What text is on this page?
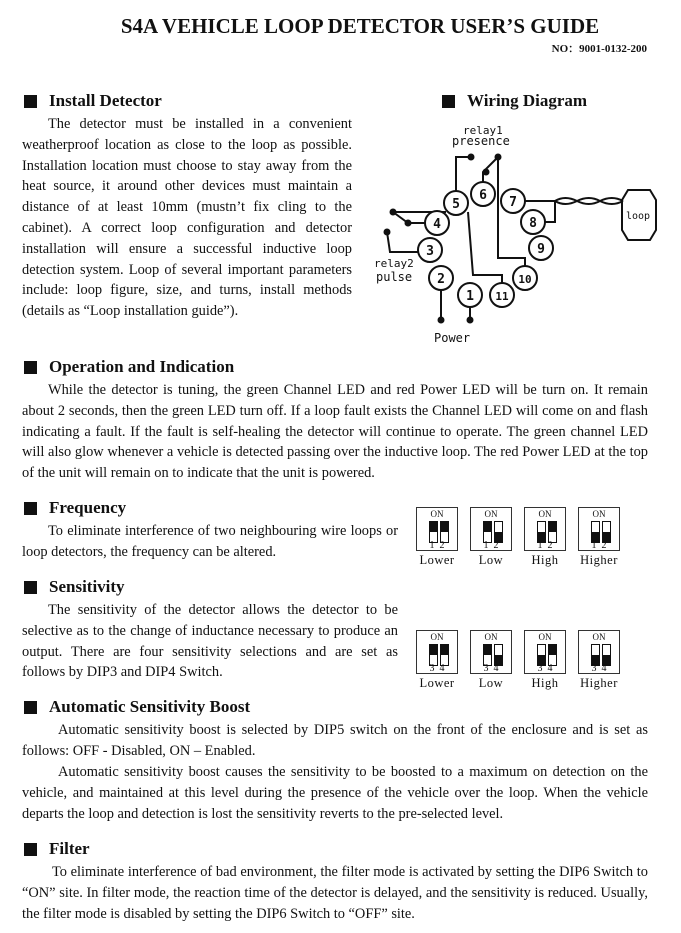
S4A VEHICLE LOOP DETECTOR USER’S GUIDE
NO：9001-0132-200
Install Detector
The detector must be installed in a convenient weatherproof location as close to the loop as possible. Installation location must choose to stay away from the heat source, it around other devices must maintain a distance of at least 10mm (mustn’t fix cling to the cabinet). A correct loop configuration and detector installation will ensure a successful inductive loop detection system. Loop of several important parameters include: loop figure, size, and turns, install methods (details as “Loop installation guide”).
Wiring Diagram
1
2
3
4
5
6 7
8
9
10
11
relay1
presence
relay2
pulse
Power
loop
Operation and Indication
While the detector is tuning, the green Channel LED and red Power LED will be turn on. It remain about 2 seconds, then the green LED turn off. If a loop fault exists the Channel LED will come on and flash indicating a fault. If the fault is self-healing the detector will continue to operate. The green channel LED will also glow whenever a vehicle is detected passing over the inductive loop. The red Power LED at the top of the unit will remain on to indicate that the unit is powered.
Frequency
To eliminate interference of two neighbouring wire loops or loop detectors, the frequency can be altered.
ON
1 2
Lower
ON
1 2
Low
ON
1 2
High
ON
1 2
Higher
Sensitivity
The sensitivity of the detector allows the detector to be selective as to the change of inductance necessary to produce an output. There are four sensitivity selections and are set as follows by DIP3 and DIP4 Switch.
ON
3 4
Lower
ON
3 4
Low
ON
3 4
High
ON
3 4
Higher
Automatic Sensitivity Boost
Automatic sensitivity boost is selected by DIP5 switch on the front of the enclosure and is set as follows: OFF - Disabled, ON – Enabled.
Automatic sensitivity boost causes the sensitivity to be boosted to a maximum on detection on the vehicle, and maintained at this level during the presence of the vehicle over the loop. When the vehicle departs the loop and detection is lost the sensitivity reverts to the pre-selected level.
Filter
To eliminate interference of bad environment, the filter mode is activated by setting the DIP6 Switch to “ON” site. In filter mode, the reaction time of the detector is delayed, and the sensitivity is reduced. Usually, the filter mode is disabled by setting the DIP6 Switch to “OFF” site.
